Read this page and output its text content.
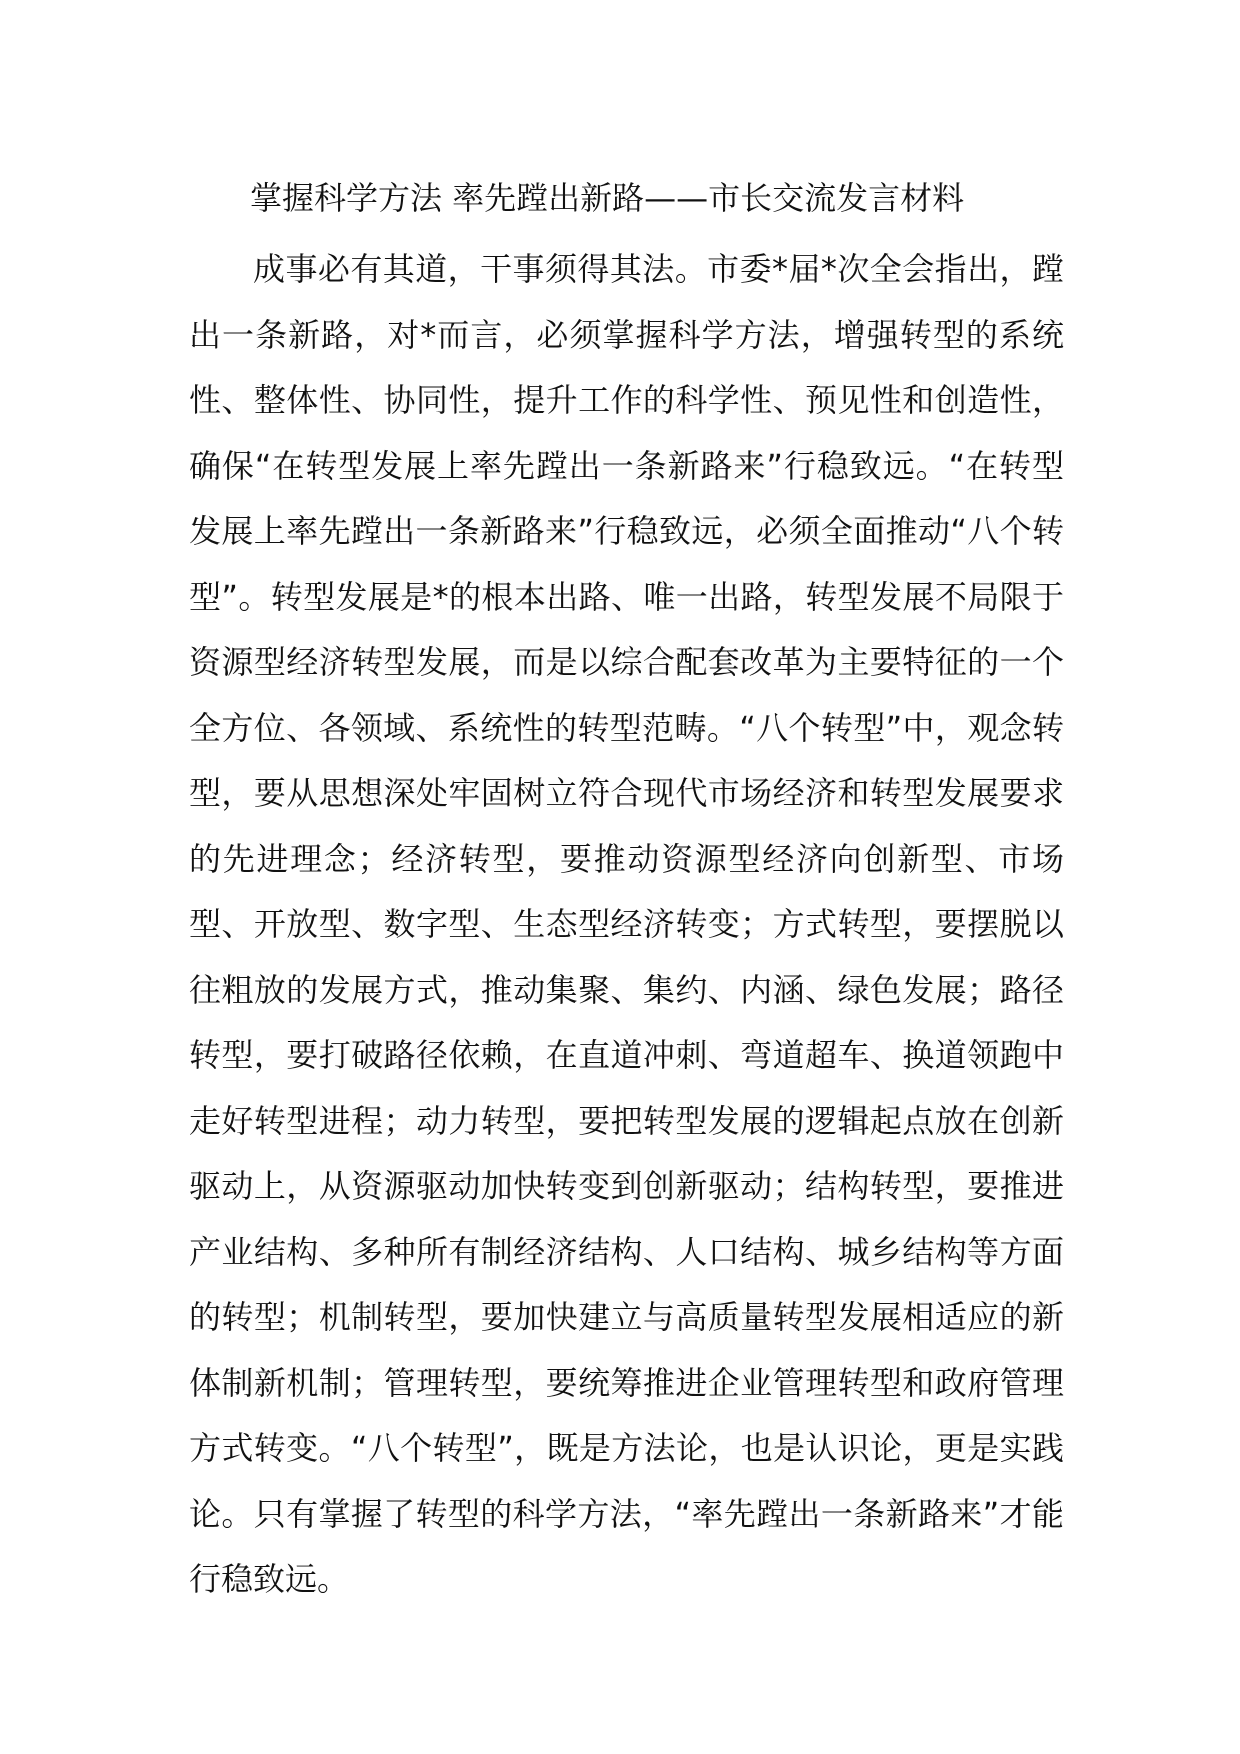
掌握科学方法 率先蹚出新路——市长交流发言材料

成事必有其道，干事须得其法。市委*届*次全会指出，蹚出一条新路，对*而言，必须掌握科学方法，增强转型的系统性、整体性、协同性，提升工作的科学性、预见性和创造性，确保“在转型发展上率先蹚出一条新路来”行稳致远。“在转型发展上率先蹚出一条新路来”行稳致远，必须全面推动“八个转型”。转型发展是*的根本出路、唯一出路，转型发展不局限于资源型经济转型发展，而是以综合配套改革为主要特征的一个全方位、各领域、系统性的转型范畴。“八个转型”中，观念转型，要从思想深处牢固树立符合现代市场经济和转型发展要求的先进理念；经济转型，要推动资源型经济向创新型、市场型、开放型、数字型、生态型经济转变；方式转型，要摆脱以往粗放的发展方式，推动集聚、集约、内涵、绿色发展；路径转型，要打破路径依赖，在直道冲刺、弯道超车、换道领跑中走好转型进程；动力转型，要把转型发展的逻辑起点放在创新驱动上，从资源驱动加快转变到创新驱动；结构转型，要推进产业结构、多种所有制经济结构、人口结构、城乡结构等方面的转型；机制转型，要加快建立与高质量转型发展相适应的新体制新机制；管理转型，要统筹推进企业管理转型和政府管理方式转变。“八个转型”，既是方法论，也是认识论，更是实践论。只有掌握了转型的科学方法，“率先蹚出一条新路来”才能行稳致远。
